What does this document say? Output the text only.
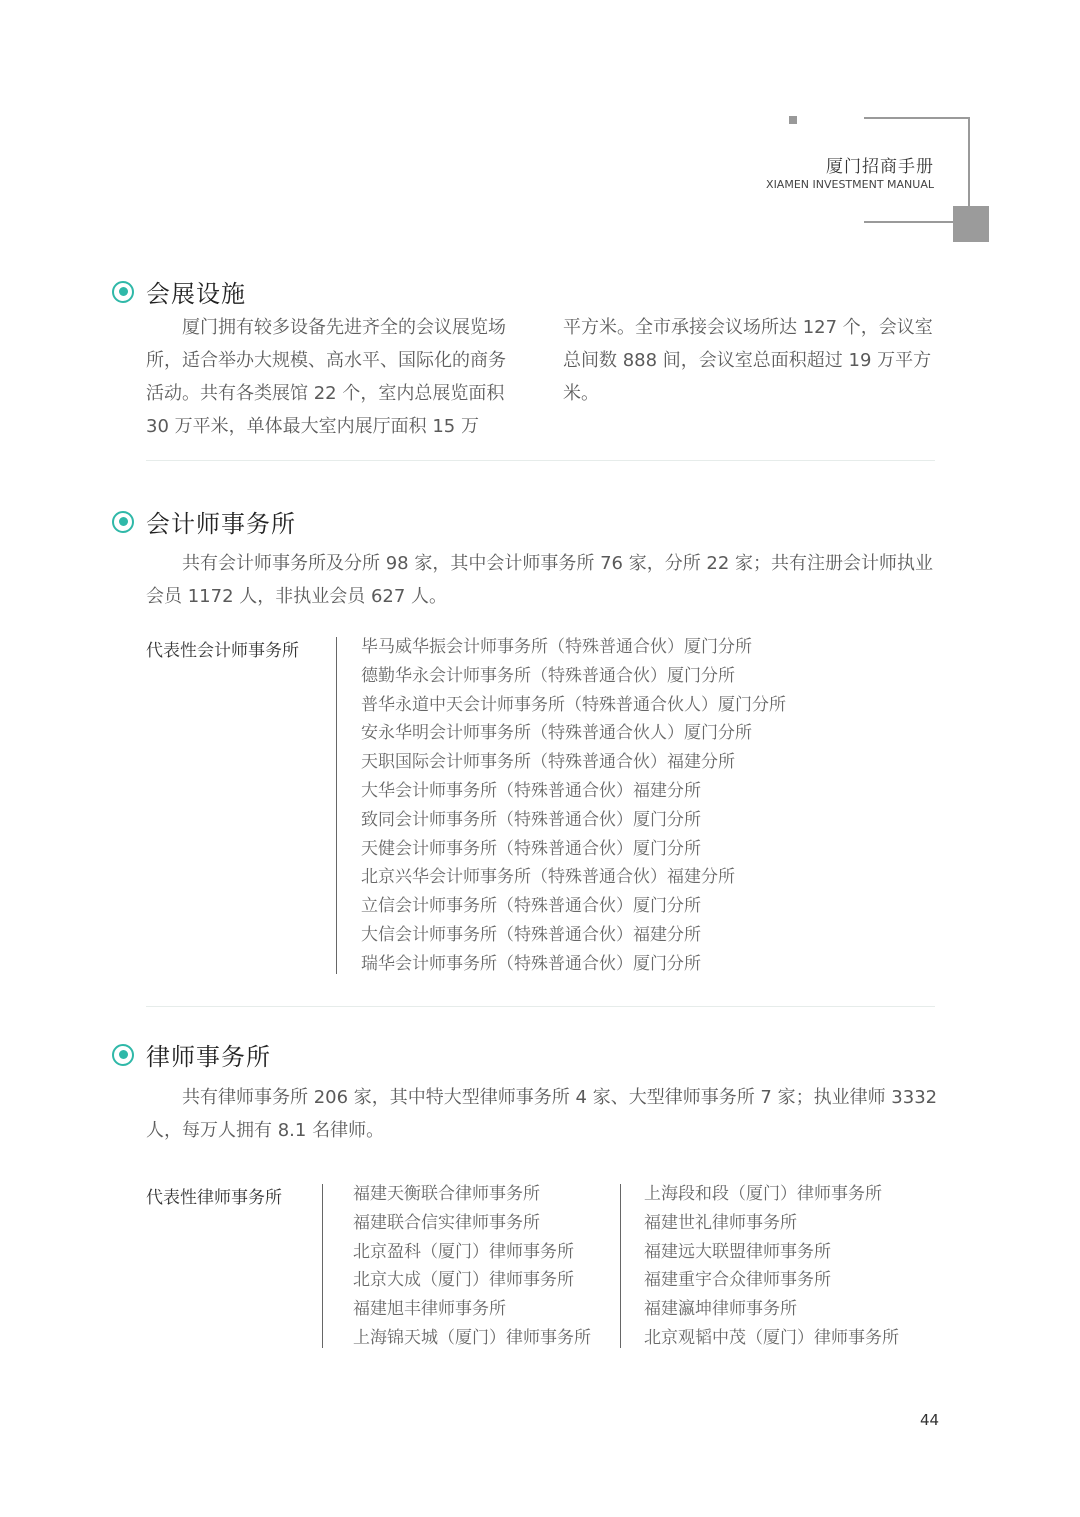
厦门招商手册
XIAMEN INVESTMENT MANUAL
会展设施

厦门拥有较多设备先进齐全的会议展览场所，适合举办大规模、高水平、国际化的商务活动。共有各类展馆 22 个，室内总展览面积 30 万平米，单体最大室内展厅面积 15 万

平方米。全市承接会议场所达 127 个，会议室总间数 888 间，会议室总面积超过 19 万平方米。

会计师事务所

共有会计师事务所及分所 98 家，其中会计师事务所 76 家，分所 22 家；共有注册会计师执业会员 1172 人，非执业会员 627 人。

代表性会计师事务所	毕马威华振会计师事务所（特殊普通合伙）厦门分所
德勤华永会计师事务所（特殊普通合伙）厦门分所
普华永道中天会计师事务所（特殊普通合伙人）厦门分所
安永华明会计师事务所（特殊普通合伙人）厦门分所
天职国际会计师事务所（特殊普通合伙）福建分所
大华会计师事务所（特殊普通合伙）福建分所
致同会计师事务所（特殊普通合伙）厦门分所
天健会计师事务所（特殊普通合伙）厦门分所
北京兴华会计师事务所（特殊普通合伙）福建分所
立信会计师事务所（特殊普通合伙）厦门分所
大信会计师事务所（特殊普通合伙）福建分所
瑞华会计师事务所（特殊普通合伙）厦门分所
律师事务所

共有律师事务所 206 家，其中特大型律师事务所 4 家、大型律师事务所 7 家；执业律师 3332 人，每万人拥有 8.1 名律师。

代表性律师事务所	福建天衡联合律师事务所
福建联合信实律师事务所
北京盈科（厦门）律师事务所
北京大成（厦门）律师事务所
福建旭丰律师事务所
上海锦天城（厦门）律师事务所
上海段和段（厦门）律师事务所
福建世礼律师事务所
福建远大联盟律师事务所
福建重宇合众律师事务所
福建瀛坤律师事务所
北京观韬中茂（厦门）律师事务所
44
